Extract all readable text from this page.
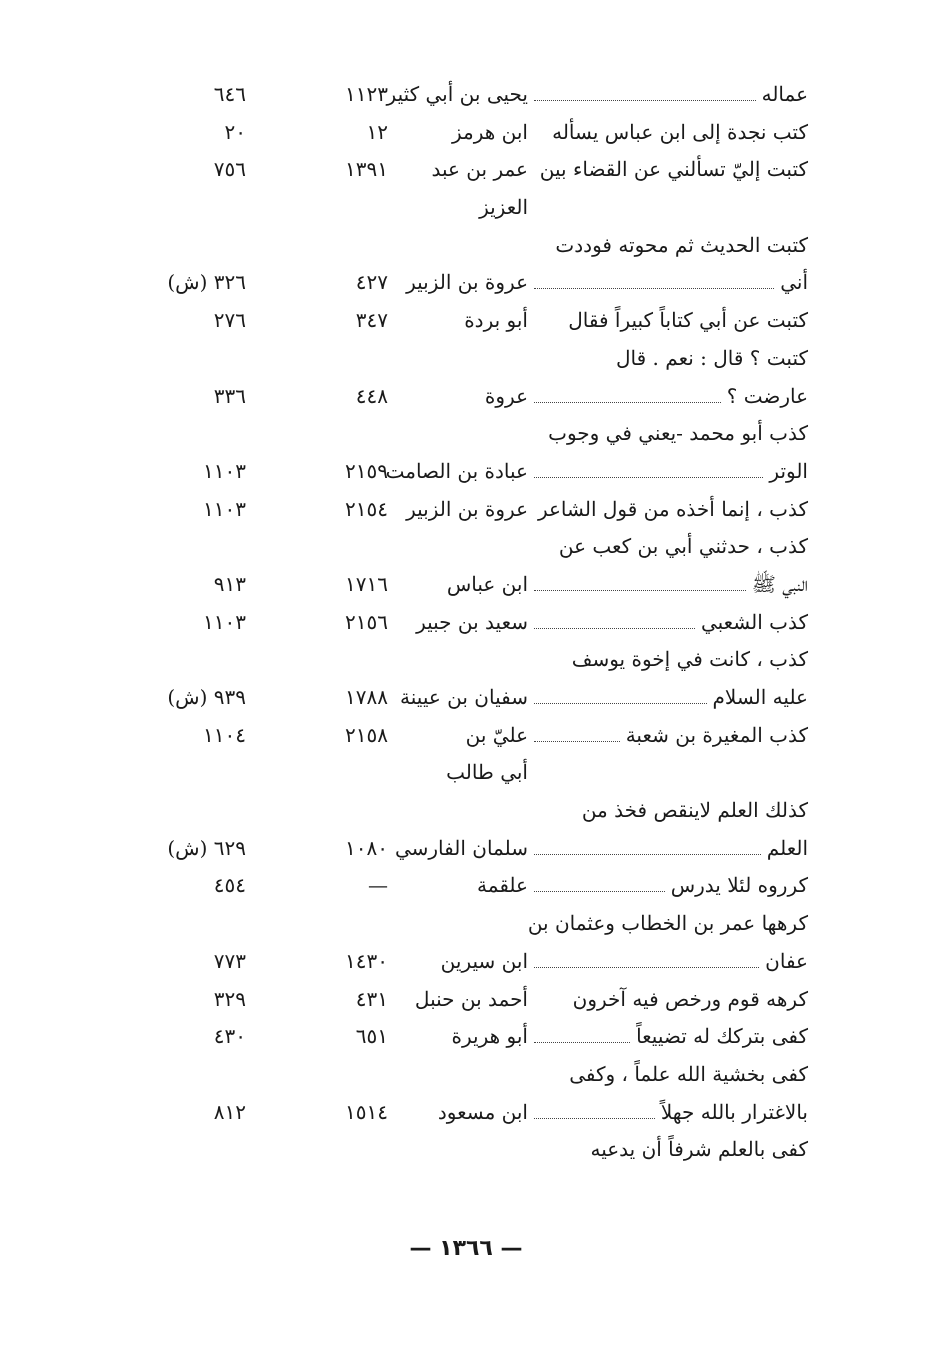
عماله
يحيى بن أبي كثير
١١٢٣
٦٤٦
كتب نجدة إلى ابن عباس يسأله
ابن هرمز
١٢
٢٠
كتبت إليّ تسألني عن القضاء بين
عمر بن عبد
١٣٩١
٧٥٦
العزيز
كتبت الحديث ثم محوته فوددت
أني
عروة بن الزبير
٤٢٧
٣٢٦ (ش)
كتبت عن أبي كتاباً كبيراً فقال
أبو بردة
٣٤٧
٢٧٦
كتبت ؟ قال : نعم . قال
عارضت ؟
عروة
٤٤٨
٣٣٦
كذب أبو محمد -يعني في وجوب
الوتر
عبادة بن الصامت
٢١٥٩
١١٠٣
كذب ، إنما أخذه من قول الشاعر
عروة بن الزبير
٢١٥٤
١١٠٣
كذب ، حدثني أبي بن كعب عن
النبي ﷺ
ابن عباس
١٧١٦
٩١٣
كذب الشعبي
سعيد بن جبير
٢١٥٦
١١٠٣
كذب ، كانت في إخوة يوسف
عليه السلام
سفيان بن عيينة
١٧٨٨
٩٣٩ (ش)
كذب المغيرة بن شعبة
عليّ بن
٢١٥٨
١١٠٤
أبي طالب
كذلك العلم لاينقص فخذ من
العلم
سلمان الفارسي
١٠٨٠
٦٢٩ (ش)
كرروه لئلا يدرس
علقمة
—
٤٥٤
كرهها عمر بن الخطاب وعثمان بن
عفان
ابن سيرين
١٤٣٠
٧٧٣
كرهه قوم ورخص فيه آخرون
أحمد بن حنبل
٤٣١
٣٢٩
كفى بتركك له تضييعاً
أبو هريرة
٦٥١
٤٣٠
كفى بخشية الله علماً ، وكفى
بالاغترار بالله جهلاً
ابن مسعود
١٥١٤
٨١٢
كفى بالعلم شرفاً أن يدعيه
— ١٣٦٦ —
